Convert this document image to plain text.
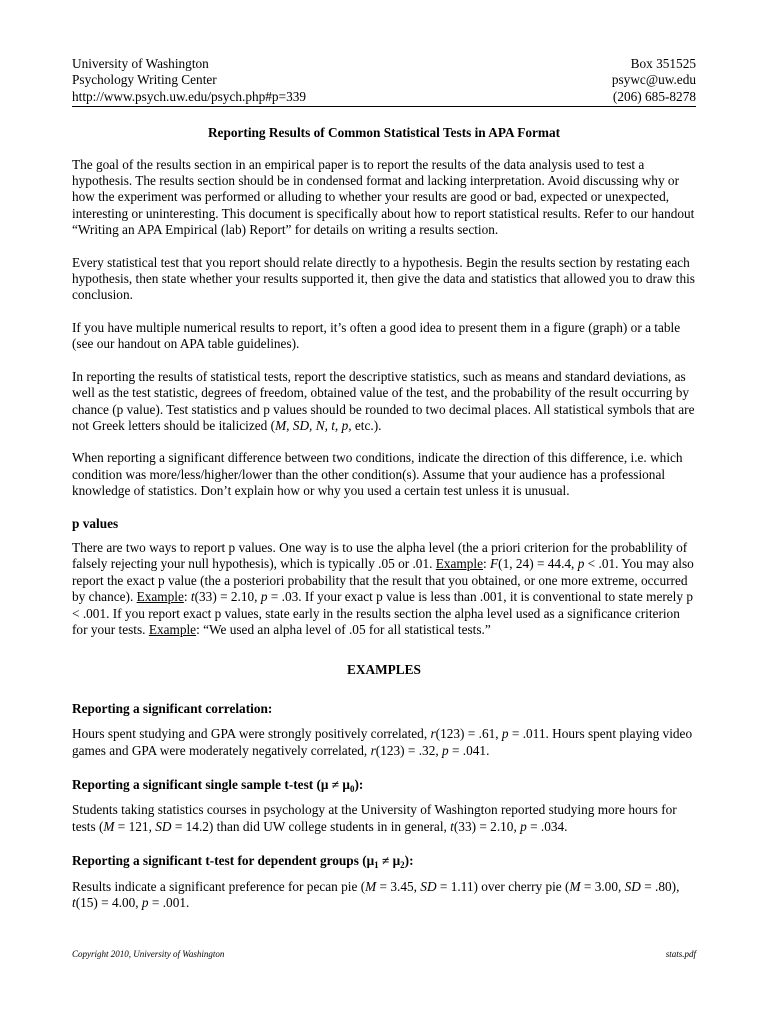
University of Washington
Psychology Writing Center
http://www.psych.uw.edu/psych.php#p=339
Box 351525
psywc@uw.edu
(206) 685-8278
Reporting Results of Common Statistical Tests in APA Format

The goal of the results section in an empirical paper is to report the results of the data analysis used to test a hypothesis. The results section should be in condensed format and lacking interpretation. Avoid discussing why or how the experiment was performed or alluding to whether your results are good or bad, expected or unexpected, interesting or uninteresting. This document is specifically about how to report statistical results. Refer to our handout “Writing an APA Empirical (lab) Report” for details on writing a results section.

Every statistical test that you report should relate directly to a hypothesis. Begin the results section by restating each hypothesis, then state whether your results supported it, then give the data and statistics that allowed you to draw this conclusion.

If you have multiple numerical results to report, it’s often a good idea to present them in a figure (graph) or a table (see our handout on APA table guidelines).

In reporting the results of statistical tests, report the descriptive statistics, such as means and standard deviations, as well as the test statistic, degrees of freedom, obtained value of the test, and the probability of the result occurring by chance (p value). Test statistics and p values should be rounded to two decimal places. All statistical symbols that are not Greek letters should be italicized (M, SD, N, t, p, etc.).

When reporting a significant difference between two conditions, indicate the direction of this difference, i.e. which condition was more/less/higher/lower than the other condition(s). Assume that your audience has a professional knowledge of statistics. Don’t explain how or why you used a certain test unless it is unusual.

p values

There are two ways to report p values. One way is to use the alpha level (the a priori criterion for the probablility of falsely rejecting your null hypothesis), which is typically .05 or .01. Example: F(1, 24) = 44.4, p < .01. You may also report the exact p value (the a posteriori probability that the result that you obtained, or one more extreme, occurred by chance). Example: t(33) = 2.10, p = .03. If your exact p value is less than .001, it is conventional to state merely p < .001. If you report exact p values, state early in the results section the alpha level used as a significance criterion for your tests. Example: “We used an alpha level of .05 for all statistical tests.”

EXAMPLES
Reporting a significant correlation:

Hours spent studying and GPA were strongly positively correlated, r(123) = .61, p = .011. Hours spent playing video games and GPA were moderately negatively correlated, r(123) = .32, p = .041.

Reporting a significant single sample t-test $(\mu \ne \mu_0)$:

Students taking statistics courses in psychology at the University of Washington reported studying more hours for tests (M = 121, SD = 14.2) than did UW college students in in general, t(33) = 2.10, p = .034.

Reporting a significant t-test for dependent groups $(\mu_1 \ne \mu_2)$:

Results indicate a significant preference for pecan pie (M = 3.45, SD = 1.11) over cherry pie (M = 3.00, SD = .80), t(15) = 4.00, p = .001.

Copyright 2010, University of Washington	stats.pdf
